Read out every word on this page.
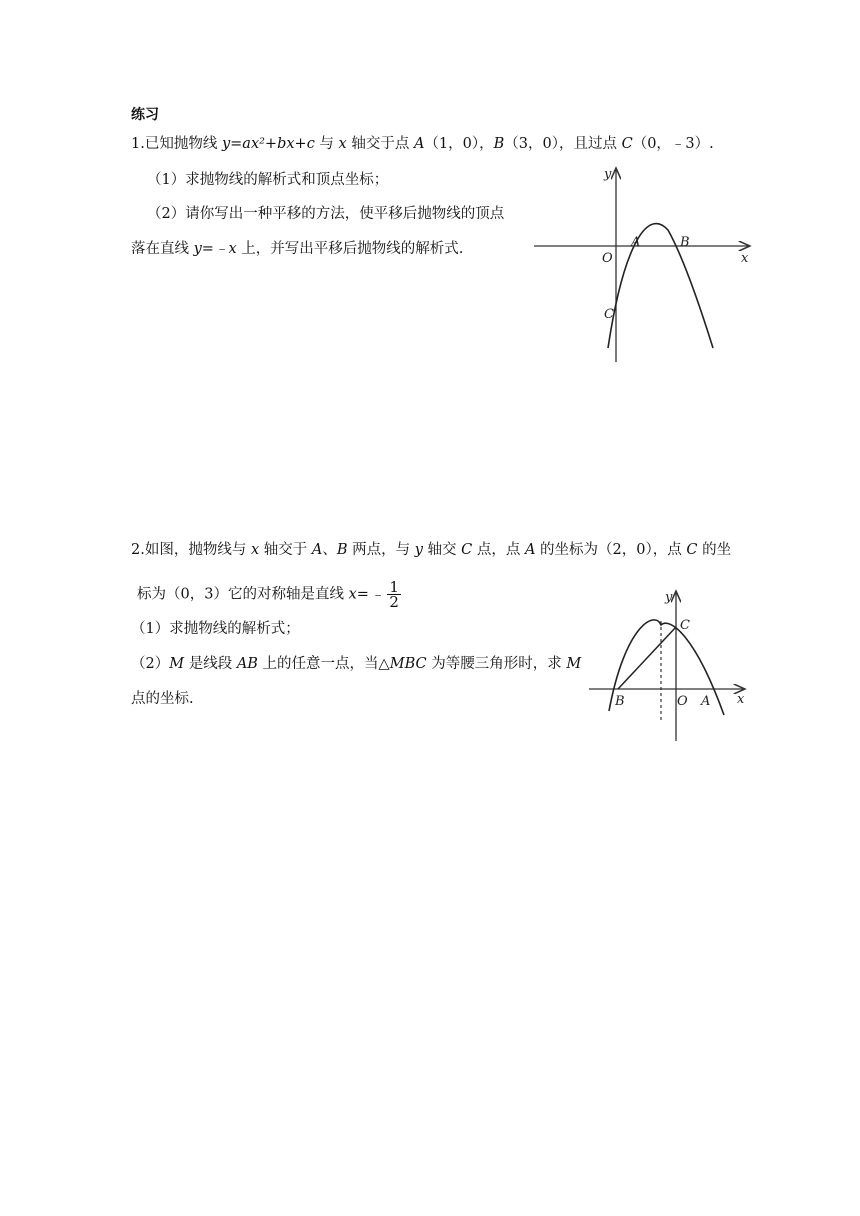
练习
1.已知抛物线 y=ax²+bx+c 与 x 轴交于点 A（1，0），B（3，0），且过点 C（0，﹣3）.
（1）求抛物线的解析式和顶点坐标；
（2）请你写出一种平移的方法，使平移后抛物线的顶点
落在直线 y=﹣x 上，并写出平移后抛物线的解析式.
y
x
O
A	B
C
2.如图，抛物线与 x 轴交于 A、B 两点，与 y 轴交 C 点，点 A 的坐标为（2，0），点 C 的坐
标为（0，3）它的对称轴是直线 x= ﹣ $\frac{1}{2}$
（1）求抛物线的解析式；
（2）M 是线段 AB 上的任意一点，当△MBC 为等腰三角形时，求 M
点的坐标.
y
x
O A
B
C
